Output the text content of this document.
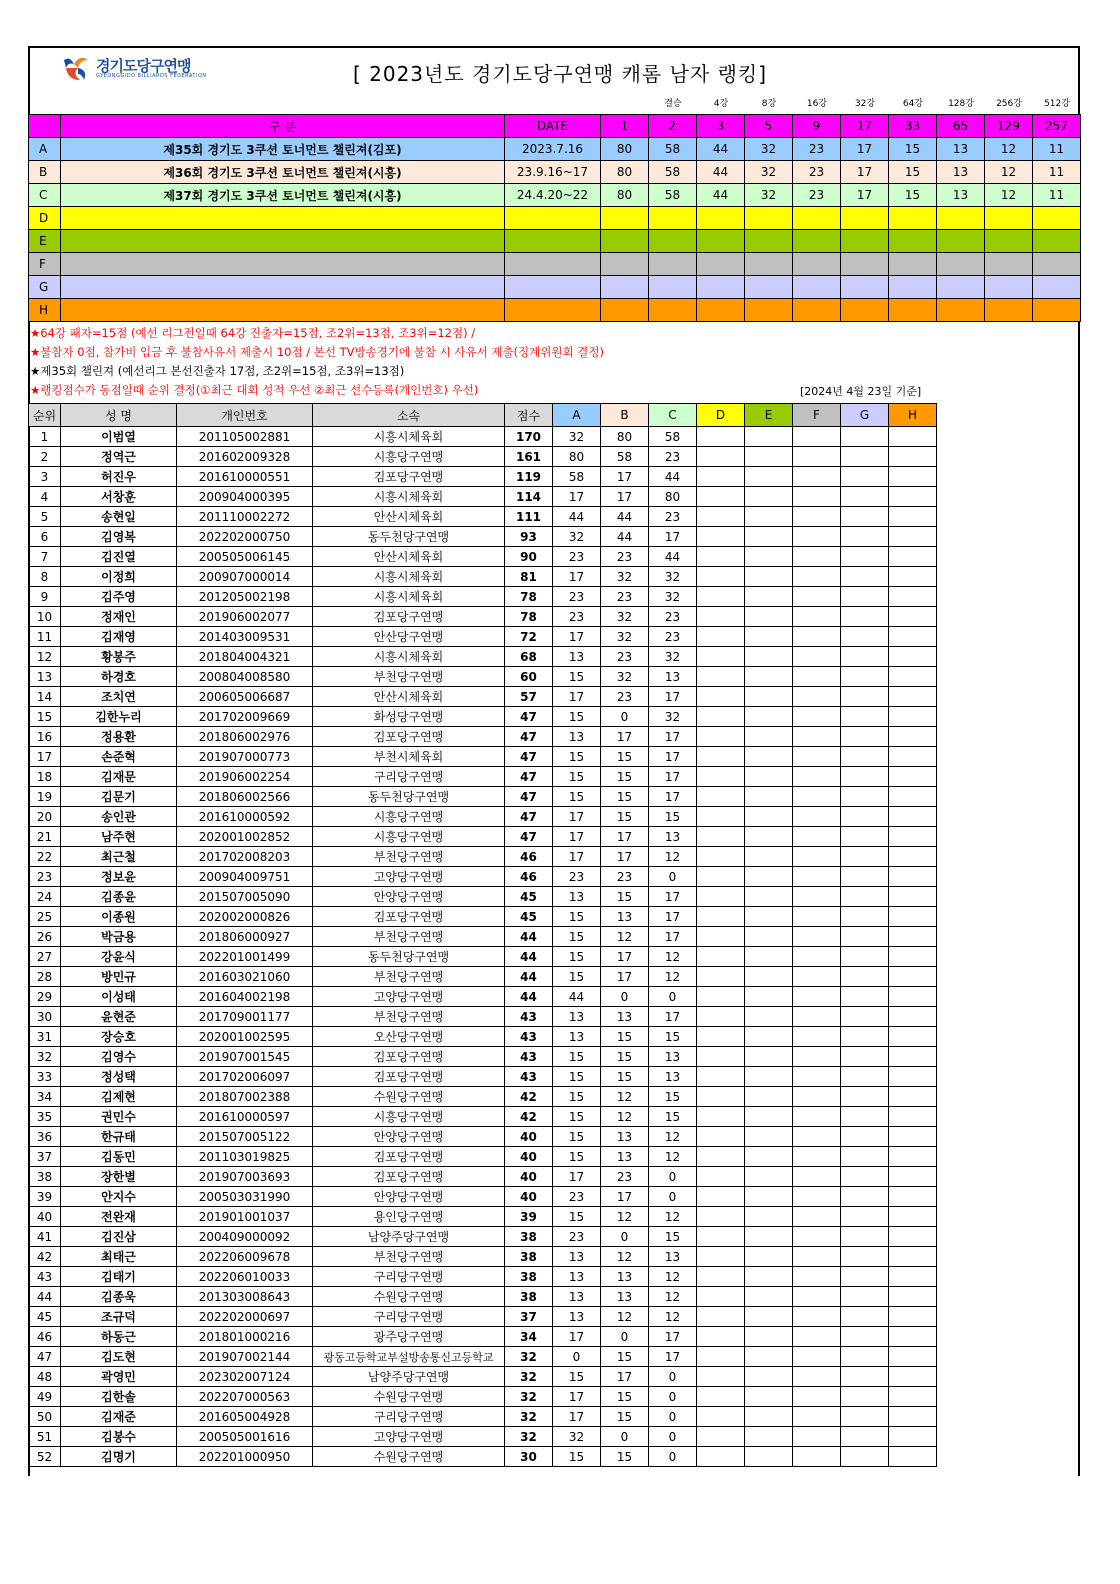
경기도당구연맹
GYEONGGIDO BILLIARDS FEDERATION	[ 2023년도 경기도당구연맹 캐롬 남자 랭킹]
		결승	4강	8강	16강	32강	64강	128강	256강	512강
	구 분	DATE	1	2	3	5	9	17	33	65	129	257
A	제35회 경기도 3쿠션 토너먼트 챌린져(김포)	2023.7.16	80	58	44	32	23	17	15	13	12	11
B	제36회 경기도 3쿠션 토너먼트 챌린져(시흥)	23.9.16~17	80	58	44	32	23	17	15	13	12	11
C	제37회 경기도 3쿠션 토너먼트 챌린져(시흥)	24.4.20~22	80	58	44	32	23	17	15	13	12	11
D												
E												
F												
G												
H												
★64강 패자=15점 (예선 리그전일때 64강 진출자=15점, 조2위=13점, 조3위=12점) /
★불참자 0점, 참가비 입금 후 불참사유서 제출시 10점 / 본선 TV방송경기에 불참 시 사유서 제출(징계위원회 결정)
★제35회 챌린져 (예선리그 본선진출자 17점, 조2위=15점, 조3위=13점)
★랭킹점수가 동점일때 순위 결정(①최근 대회 성적 우선 ②최근 선수등록(개인번호) 우선)	[2024년 4월 23일 기준]
순위	성 명	개인번호	소속	점수	A	B	C	D	E	F	G	H
1	이범열	201105002881	시흥시체육회	170	32	80	58					
2	정역근	201602009328	시흥당구연맹	161	80	58	23					
3	허진우	201610000551	김포당구연맹	119	58	17	44					
4	서창훈	200904000395	시흥시체육회	114	17	17	80					
5	송현일	201110002272	안산시체육회	111	44	44	23					
6	김영복	202202000750	동두천당구연맹	93	32	44	17					
7	김진열	200505006145	안산시체육회	90	23	23	44					
8	이정희	200907000014	시흥시체육회	81	17	32	32					
9	김주영	201205002198	시흥시체육회	78	23	23	32					
10	정재인	201906002077	김포당구연맹	78	23	32	23					
11	김재영	201403009531	안산당구연맹	72	17	32	23					
12	황봉주	201804004321	시흥시체육회	68	13	23	32					
13	하경호	200804008580	부천당구연맹	60	15	32	13					
14	조치연	200605006687	안산시체육회	57	17	23	17					
15	김한누리	201702009669	화성당구연맹	47	15	0	32					
16	정용환	201806002976	김포당구연맹	47	13	17	17					
17	손준혁	201907000773	부천시체육회	47	15	15	17					
18	김재문	201906002254	구리당구연맹	47	15	15	17					
19	김문기	201806002566	동두천당구연맹	47	15	15	17					
20	송인관	201610000592	시흥당구연맹	47	17	15	15					
21	남주현	202001002852	시흥당구연맹	47	17	17	13					
22	최근철	201702008203	부천당구연맹	46	17	17	12					
23	정보윤	200904009751	고양당구연맹	46	23	23	0					
24	김종윤	201507005090	안양당구연맹	45	13	15	17					
25	이종원	202002000826	김포당구연맹	45	15	13	17					
26	박금용	201806000927	부천당구연맹	44	15	12	17					
27	강윤식	202201001499	동두천당구연맹	44	15	17	12					
28	방민규	201603021060	부천당구연맹	44	15	17	12					
29	이성태	201604002198	고양당구연맹	44	44	0	0					
30	윤현준	201709001177	부천당구연맹	43	13	13	17					
31	장승호	202001002595	오산당구연맹	43	13	15	15					
32	김영수	201907001545	김포당구연맹	43	15	15	13					
33	정성택	201702006097	김포당구연맹	43	15	15	13					
34	김제현	201807002388	수원당구연맹	42	15	12	15					
35	권민수	201610000597	시흥당구연맹	42	15	12	15					
36	한규태	201507005122	안양당구연맹	40	15	13	12					
37	김동민	201103019825	김포당구연맹	40	15	13	12					
38	장한별	201907003693	김포당구연맹	40	17	23	0					
39	안지수	200503031990	안양당구연맹	40	23	17	0					
40	전완재	201901001037	용인당구연맹	39	15	12	12					
41	김진삼	200409000092	남양주당구연맹	38	23	0	15					
42	최태근	202206009678	부천당구연맹	38	13	12	13					
43	김태기	202206010033	구리당구연맹	38	13	13	12					
44	김종욱	201303008643	수원당구연맹	38	13	13	12					
45	조규덕	202202000697	구리당구연맹	37	13	12	12					
46	하동근	201801000216	광주당구연맹	34	17	0	17					
47	김도현	201907002144	광동고등학교부설방송통신고등학교	32	0	15	17					
48	곽영민	202302007124	남양주당구연맹	32	15	17	0					
49	김한솔	202207000563	수원당구연맹	32	17	15	0					
50	김재준	201605004928	구리당구연맹	32	17	15	0					
51	김봉수	200505001616	고양당구연맹	32	32	0	0					
52	김명기	202201000950	수원당구연맹	30	15	15	0					
